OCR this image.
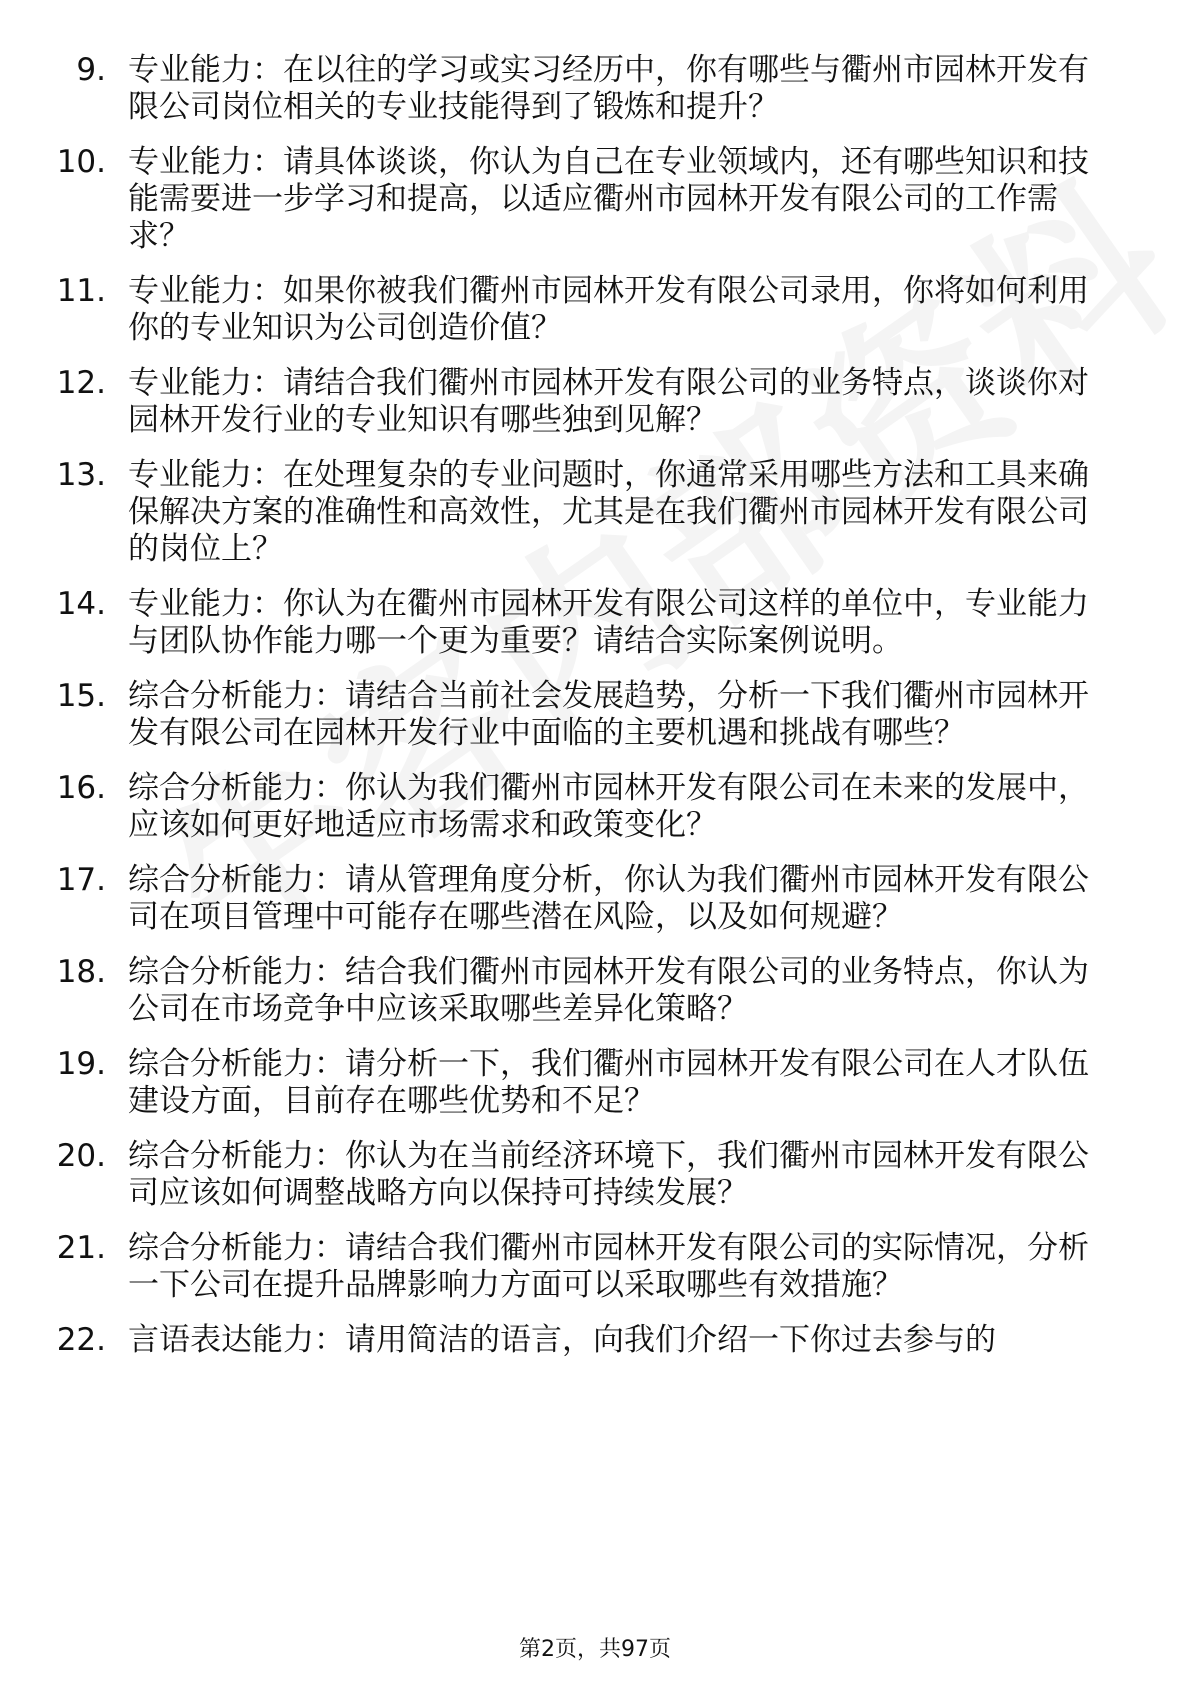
9. 专业能力：在以往的学习或实习经历中，你有哪些与衢州市园林开发有限公司岗位相关的专业技能得到了锻炼和提升？
10. 专业能力：请具体谈谈，你认为自己在专业领域内，还有哪些知识和技能需要进一步学习和提高，以适应衢州市园林开发有限公司的工作需求？
11. 专业能力：如果你被我们衢州市园林开发有限公司录用，你将如何利用你的专业知识为公司创造价值？
12. 专业能力：请结合我们衢州市园林开发有限公司的业务特点，谈谈你对园林开发行业的专业知识有哪些独到见解？
13. 专业能力：在处理复杂的专业问题时，你通常采用哪些方法和工具来确保解决方案的准确性和高效性，尤其是在我们衢州市园林开发有限公司的岗位上？
14. 专业能力：你认为在衢州市园林开发有限公司这样的单位中，专业能力与团队协作能力哪一个更为重要？请结合实际案例说明。
15. 综合分析能力：请结合当前社会发展趋势，分析一下我们衢州市园林开发有限公司在园林开发行业中面临的主要机遇和挑战有哪些？
16. 综合分析能力：你认为我们衢州市园林开发有限公司在未来的发展中，应该如何更好地适应市场需求和政策变化？
17. 综合分析能力：请从管理角度分析，你认为我们衢州市园林开发有限公司在项目管理中可能存在哪些潜在风险，以及如何规避？
18. 综合分析能力：结合我们衢州市园林开发有限公司的业务特点，你认为公司在市场竞争中应该采取哪些差异化策略？
19. 综合分析能力：请分析一下，我们衢州市园林开发有限公司在人才队伍建设方面，目前存在哪些优势和不足？
20. 综合分析能力：你认为在当前经济环境下，我们衢州市园林开发有限公司应该如何调整战略方向以保持可持续发展？
21. 综合分析能力：请结合我们衢州市园林开发有限公司的实际情况，分析一下公司在提升品牌影响力方面可以采取哪些有效措施？
22. 言语表达能力：请用简洁的语言，向我们介绍一下你过去参与的
第2页，共97页
